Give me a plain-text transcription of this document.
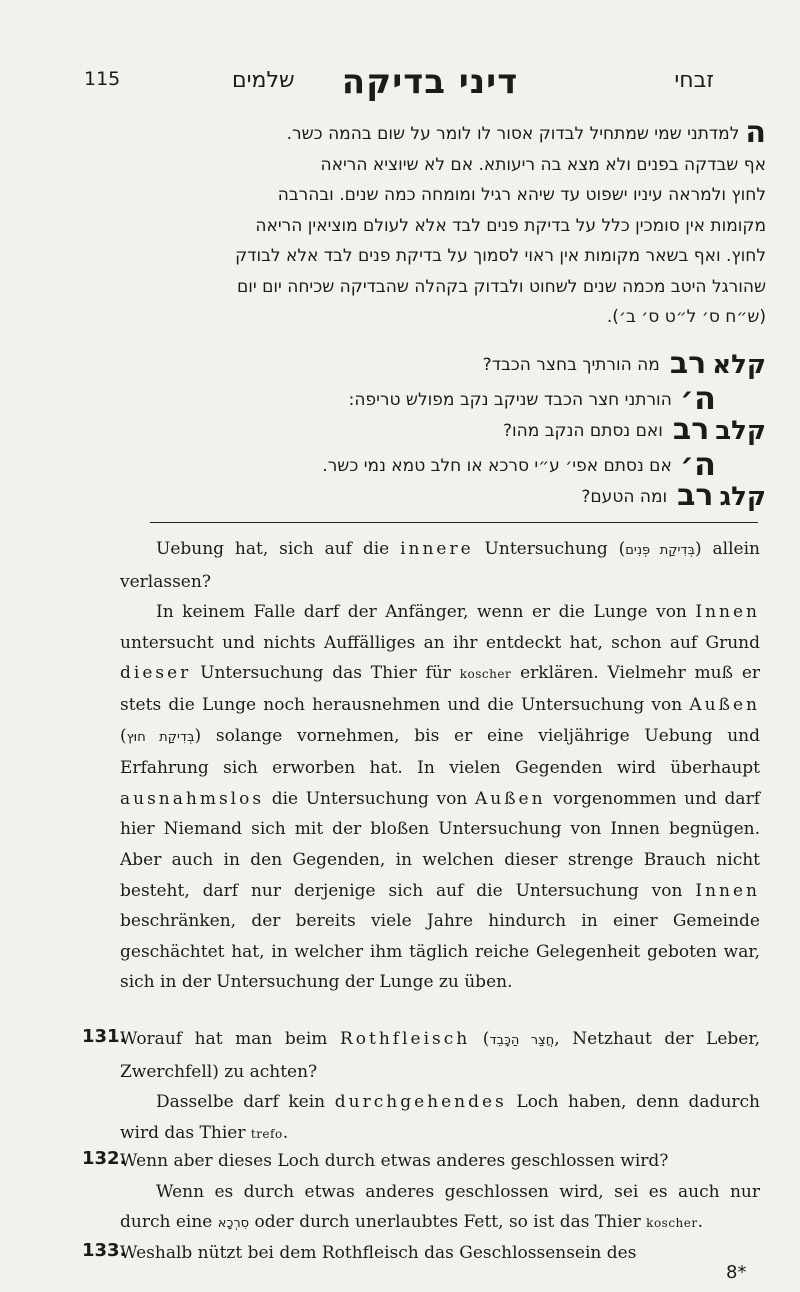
115	שלמים	דיני בדיקה	זבחי
הלמדתני שמי שמתחיל לבדוק אסור לו לומר על שום בהמה כשר.
אף שבדקה בפנים ולא מצא בה ריעותא. אם לא שיוציא הריאה
לחוץ ולמראה עיניו ישפוט עד שיהא רגיל ומומחה כמה שנים. ובהרבה
מקומות אין סומכין כלל על בדיקת פנים לבד אלא לעולם מוציאין הריאה
לחוץ. ואף בשאר מקומות אין ראוי לסמוך על בדיקת פנים לבד אלא לבודק
שהורגל היטב מכמה שנים לשחוט ולבדוק בקהלה שהבדיקה שכיחה יום יום
(ש״ח ס׳ ל״ט ס׳ ב׳).
קלארבמה הורתיך בחצר הכבד?
ה׳הורתני חצר הכבד שניקב נקב מפולש טריפה:
קלברבואם נסתם הנקב מהו?
ה׳אם נסתם אפי׳ ע״י סרכא או חלב טמא נמי כשר.
קלגרבומה הטעם?

Uebung hat, sich auf die innere Untersuchung (בְּדִיקַת פְּנִים) allein verlassen?

In keinem Falle darf der Anfänger, wenn er die Lunge von Innen untersucht und nichts Auffälliges an ihr entdeckt hat, schon auf Grund dieser Untersuchung das Thier für koscher erklären. Vielmehr muß er stets die Lunge noch herausnehmen und die Untersuchung von Außen (בְּדִיקַת חוּץ) solange vornehmen, bis er eine vieljährige Uebung und Erfahrung sich erworben hat. In vielen Gegenden wird überhaupt ausnahmslos die Untersuchung von Außen vorgenommen und darf hier Niemand sich mit der bloßen Untersuchung von Innen begnügen. Aber auch in den Gegenden, in welchen dieser strenge Brauch nicht besteht, darf nur derjenige sich auf die Untersuchung von Innen beschränken, der bereits viele Jahre hindurch in einer Gemeinde geschächtet hat, in welcher ihm täglich reiche Gelegenheit geboten war, sich in der Untersuchung der Lunge zu üben.

131.

Worauf hat man beim Rothfleisch (חֲצַר הַכָּבֵד, Netzhaut der Leber, Zwerchfell) zu achten?

Dasselbe darf kein durchgehendes Loch haben, denn dadurch wird das Thier trefo.

132.

Wenn aber dieses Loch durch etwas anderes geschlossen wird?

Wenn es durch etwas anderes geschlossen wird, sei es auch nur durch eine סִרְכָא oder durch unerlaubtes Fett, so ist das Thier koscher.

133.

Weshalb nützt bei dem Rothfleisch das Geschlossensein des

8*
